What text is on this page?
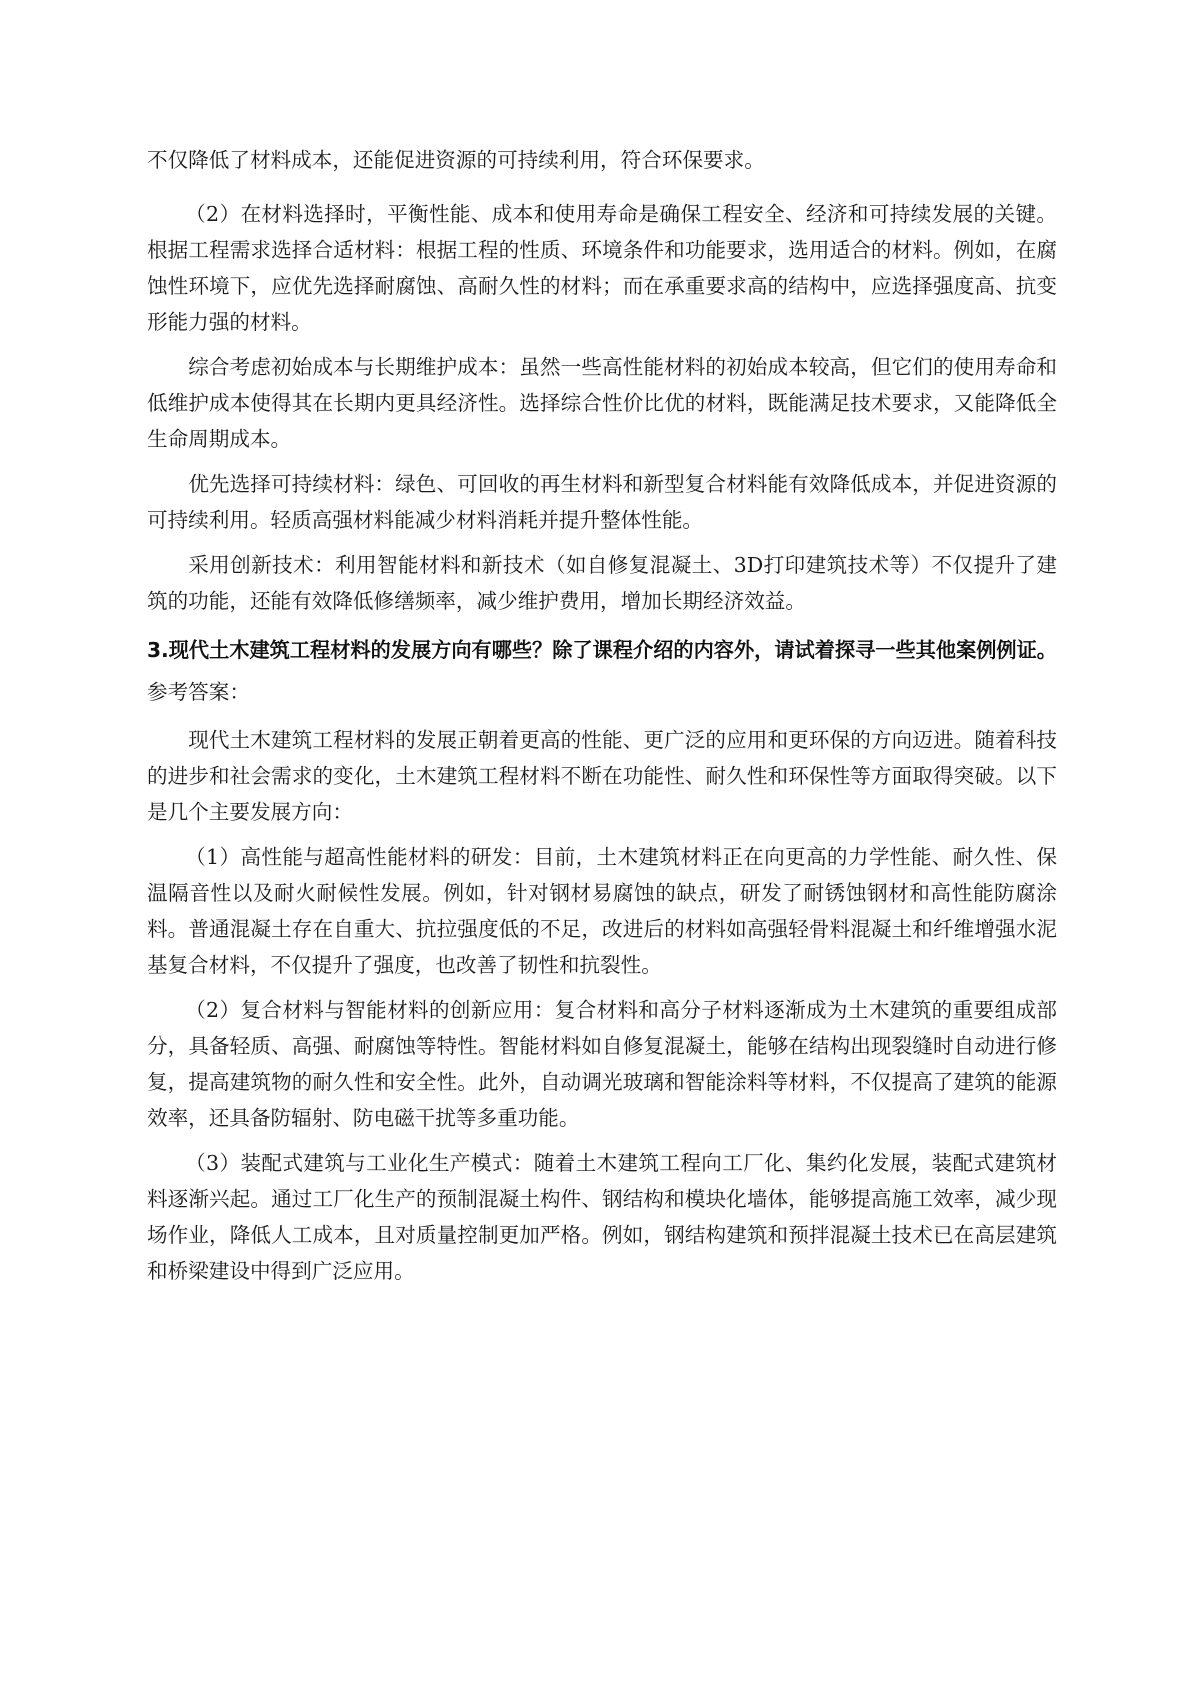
不仅降低了材料成本，还能促进资源的可持续利用，符合环保要求。

（2）在材料选择时，平衡性能、成本和使用寿命是确保工程安全、经济和可持续发展的关键。根据工程需求选择合适材料：根据工程的性质、环境条件和功能要求，选用适合的材料。例如，在腐蚀性环境下，应优先选择耐腐蚀、高耐久性的材料；而在承重要求高的结构中，应选择强度高、抗变形能力强的材料。

综合考虑初始成本与长期维护成本：虽然一些高性能材料的初始成本较高，但它们的使用寿命和低维护成本使得其在长期内更具经济性。选择综合性价比优的材料，既能满足技术要求，又能降低全生命周期成本。

优先选择可持续材料：绿色、可回收的再生材料和新型复合材料能有效降低成本，并促进资源的可持续利用。轻质高强材料能减少材料消耗并提升整体性能。

采用创新技术：利用智能材料和新技术（如自修复混凝土、3D打印建筑技术等）不仅提升了建筑的功能，还能有效降低修缮频率，减少维护费用，增加长期经济效益。

3.现代土木建筑工程材料的发展方向有哪些？除了课程介绍的内容外，请试着探寻一些其他案例例证。

参考答案：

现代土木建筑工程材料的发展正朝着更高的性能、更广泛的应用和更环保的方向迈进。随着科技的进步和社会需求的变化，土木建筑工程材料不断在功能性、耐久性和环保性等方面取得突破。以下是几个主要发展方向：

（1）高性能与超高性能材料的研发：目前，土木建筑材料正在向更高的力学性能、耐久性、保温隔音性以及耐火耐候性发展。例如，针对钢材易腐蚀的缺点，研发了耐锈蚀钢材和高性能防腐涂料。普通混凝土存在自重大、抗拉强度低的不足，改进后的材料如高强轻骨料混凝土和纤维增强水泥基复合材料，不仅提升了强度，也改善了韧性和抗裂性。

（2）复合材料与智能材料的创新应用：复合材料和高分子材料逐渐成为土木建筑的重要组成部分，具备轻质、高强、耐腐蚀等特性。智能材料如自修复混凝土，能够在结构出现裂缝时自动进行修复，提高建筑物的耐久性和安全性。此外，自动调光玻璃和智能涂料等材料，不仅提高了建筑的能源效率，还具备防辐射、防电磁干扰等多重功能。

（3）装配式建筑与工业化生产模式：随着土木建筑工程向工厂化、集约化发展，装配式建筑材料逐渐兴起。通过工厂化生产的预制混凝土构件、钢结构和模块化墙体，能够提高施工效率，减少现场作业，降低人工成本，且对质量控制更加严格。例如，钢结构建筑和预拌混凝土技术已在高层建筑和桥梁建设中得到广泛应用。
